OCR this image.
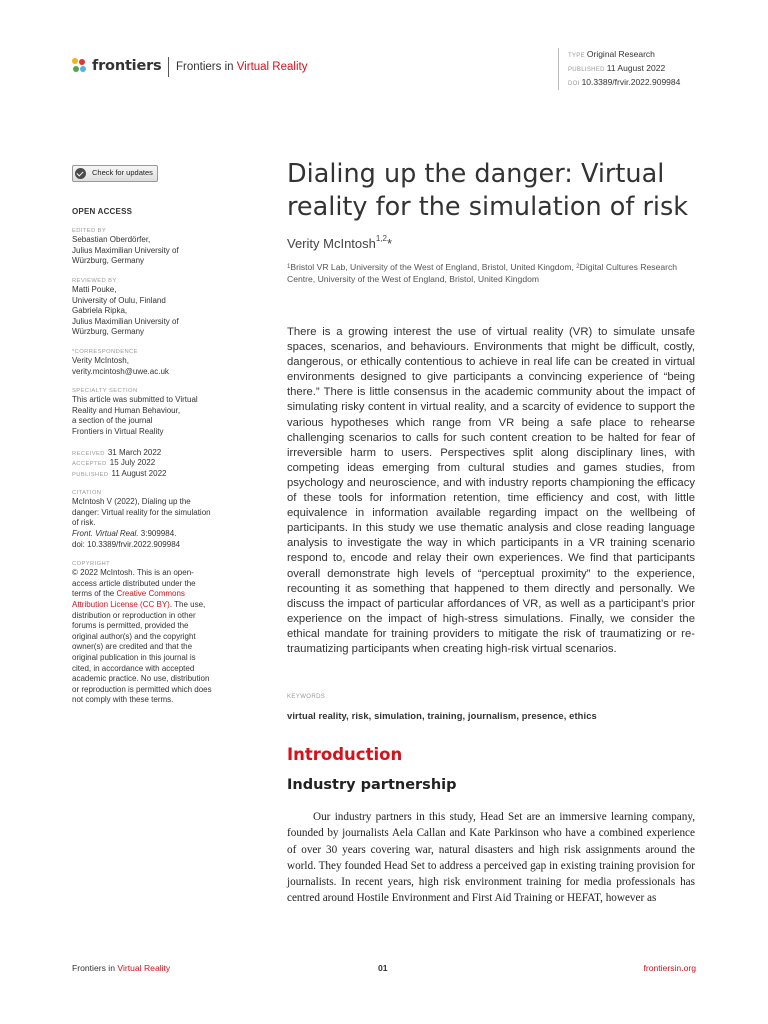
frontiers Frontiers in Virtual Reality
TYPE Original Research
PUBLISHED 11 August 2022
DOI 10.3389/frvir.2022.909984
Check for updates
OPEN ACCESS
EDITED BY
Sebastian Oberdörfer,
Julius Maximilian University of
Würzburg, Germany
REVIEWED BY
Matti Pouke,
University of Oulu, Finland
Gabriela Ripka,
Julius Maximilian University of
Würzburg, Germany
*CORRESPONDENCE
Verity McIntosh,
verity.mcintosh@uwe.ac.uk
SPECIALTY SECTION
This article was submitted to Virtual
Reality and Human Behaviour,
a section of the journal
Frontiers in Virtual Reality
RECEIVED 31 March 2022
ACCEPTED 15 July 2022
PUBLISHED 11 August 2022
CITATION
McIntosh V (2022), Dialing up the
danger: Virtual reality for the simulation
of risk.
Front. Virtual Real. 3:909984.
doi: 10.3389/frvir.2022.909984
COPYRIGHT
© 2022 McIntosh. This is an open-
access article distributed under the
terms of the Creative Commons
Attribution License (CC BY). The use,
distribution or reproduction in other
forums is permitted, provided the
original author(s) and the copyright
owner(s) are credited and that the
original publication in this journal is
cited, in accordance with accepted
academic practice. No use, distribution
or reproduction is permitted which does
not comply with these terms.
Dialing up the danger: Virtual reality for the simulation of risk
Verity McIntosh$^{1,2}$*
$^1$Bristol VR Lab, University of the West of England, Bristol, United Kingdom, $^2$Digital Cultures Research Centre, University of the West of England, Bristol, United Kingdom

There is a growing interest the use of virtual reality (VR) to simulate unsafe spaces, scenarios, and behaviours. Environments that might be difficult, costly, dangerous, or ethically contentious to achieve in real life can be created in virtual environments designed to give participants a convincing experience of “being there.” There is little consensus in the academic community about the impact of simulating risky content in virtual reality, and a scarcity of evidence to support the various hypotheses which range from VR being a safe place to rehearse challenging scenarios to calls for such content creation to be halted for fear of irreversible harm to users. Perspectives split along disciplinary lines, with competing ideas emerging from cultural studies and games studies, from psychology and neuroscience, and with industry reports championing the efficacy of these tools for information retention, time efficiency and cost, with little equivalence in information available regarding impact on the wellbeing of participants. In this study we use thematic analysis and close reading language analysis to investigate the way in which participants in a VR training scenario respond to, encode and relay their own experiences. We find that participants overall demonstrate high levels of “perceptual proximity” to the experience, recounting it as something that happened to them directly and personally. We discuss the impact of particular affordances of VR, as well as a participant’s prior experience on the impact of high-stress simulations. Finally, we consider the ethical mandate for training providers to mitigate the risk of traumatizing or re-traumatizing participants when creating high-risk virtual scenarios.

KEYWORDS
virtual reality, risk, simulation, training, journalism, presence, ethics
Introduction
Industry partnership

Our industry partners in this study, Head Set are an immersive learning company, founded by journalists Aela Callan and Kate Parkinson who have a combined experience of over 30 years covering war, natural disasters and high risk assignments around the world. They founded Head Set to address a perceived gap in existing training provision for journalists. In recent years, high risk environment training for media professionals has centred around Hostile Environment and First Aid Training or HEFAT, however as

Frontiers in Virtual Reality	01	frontiersin.org
